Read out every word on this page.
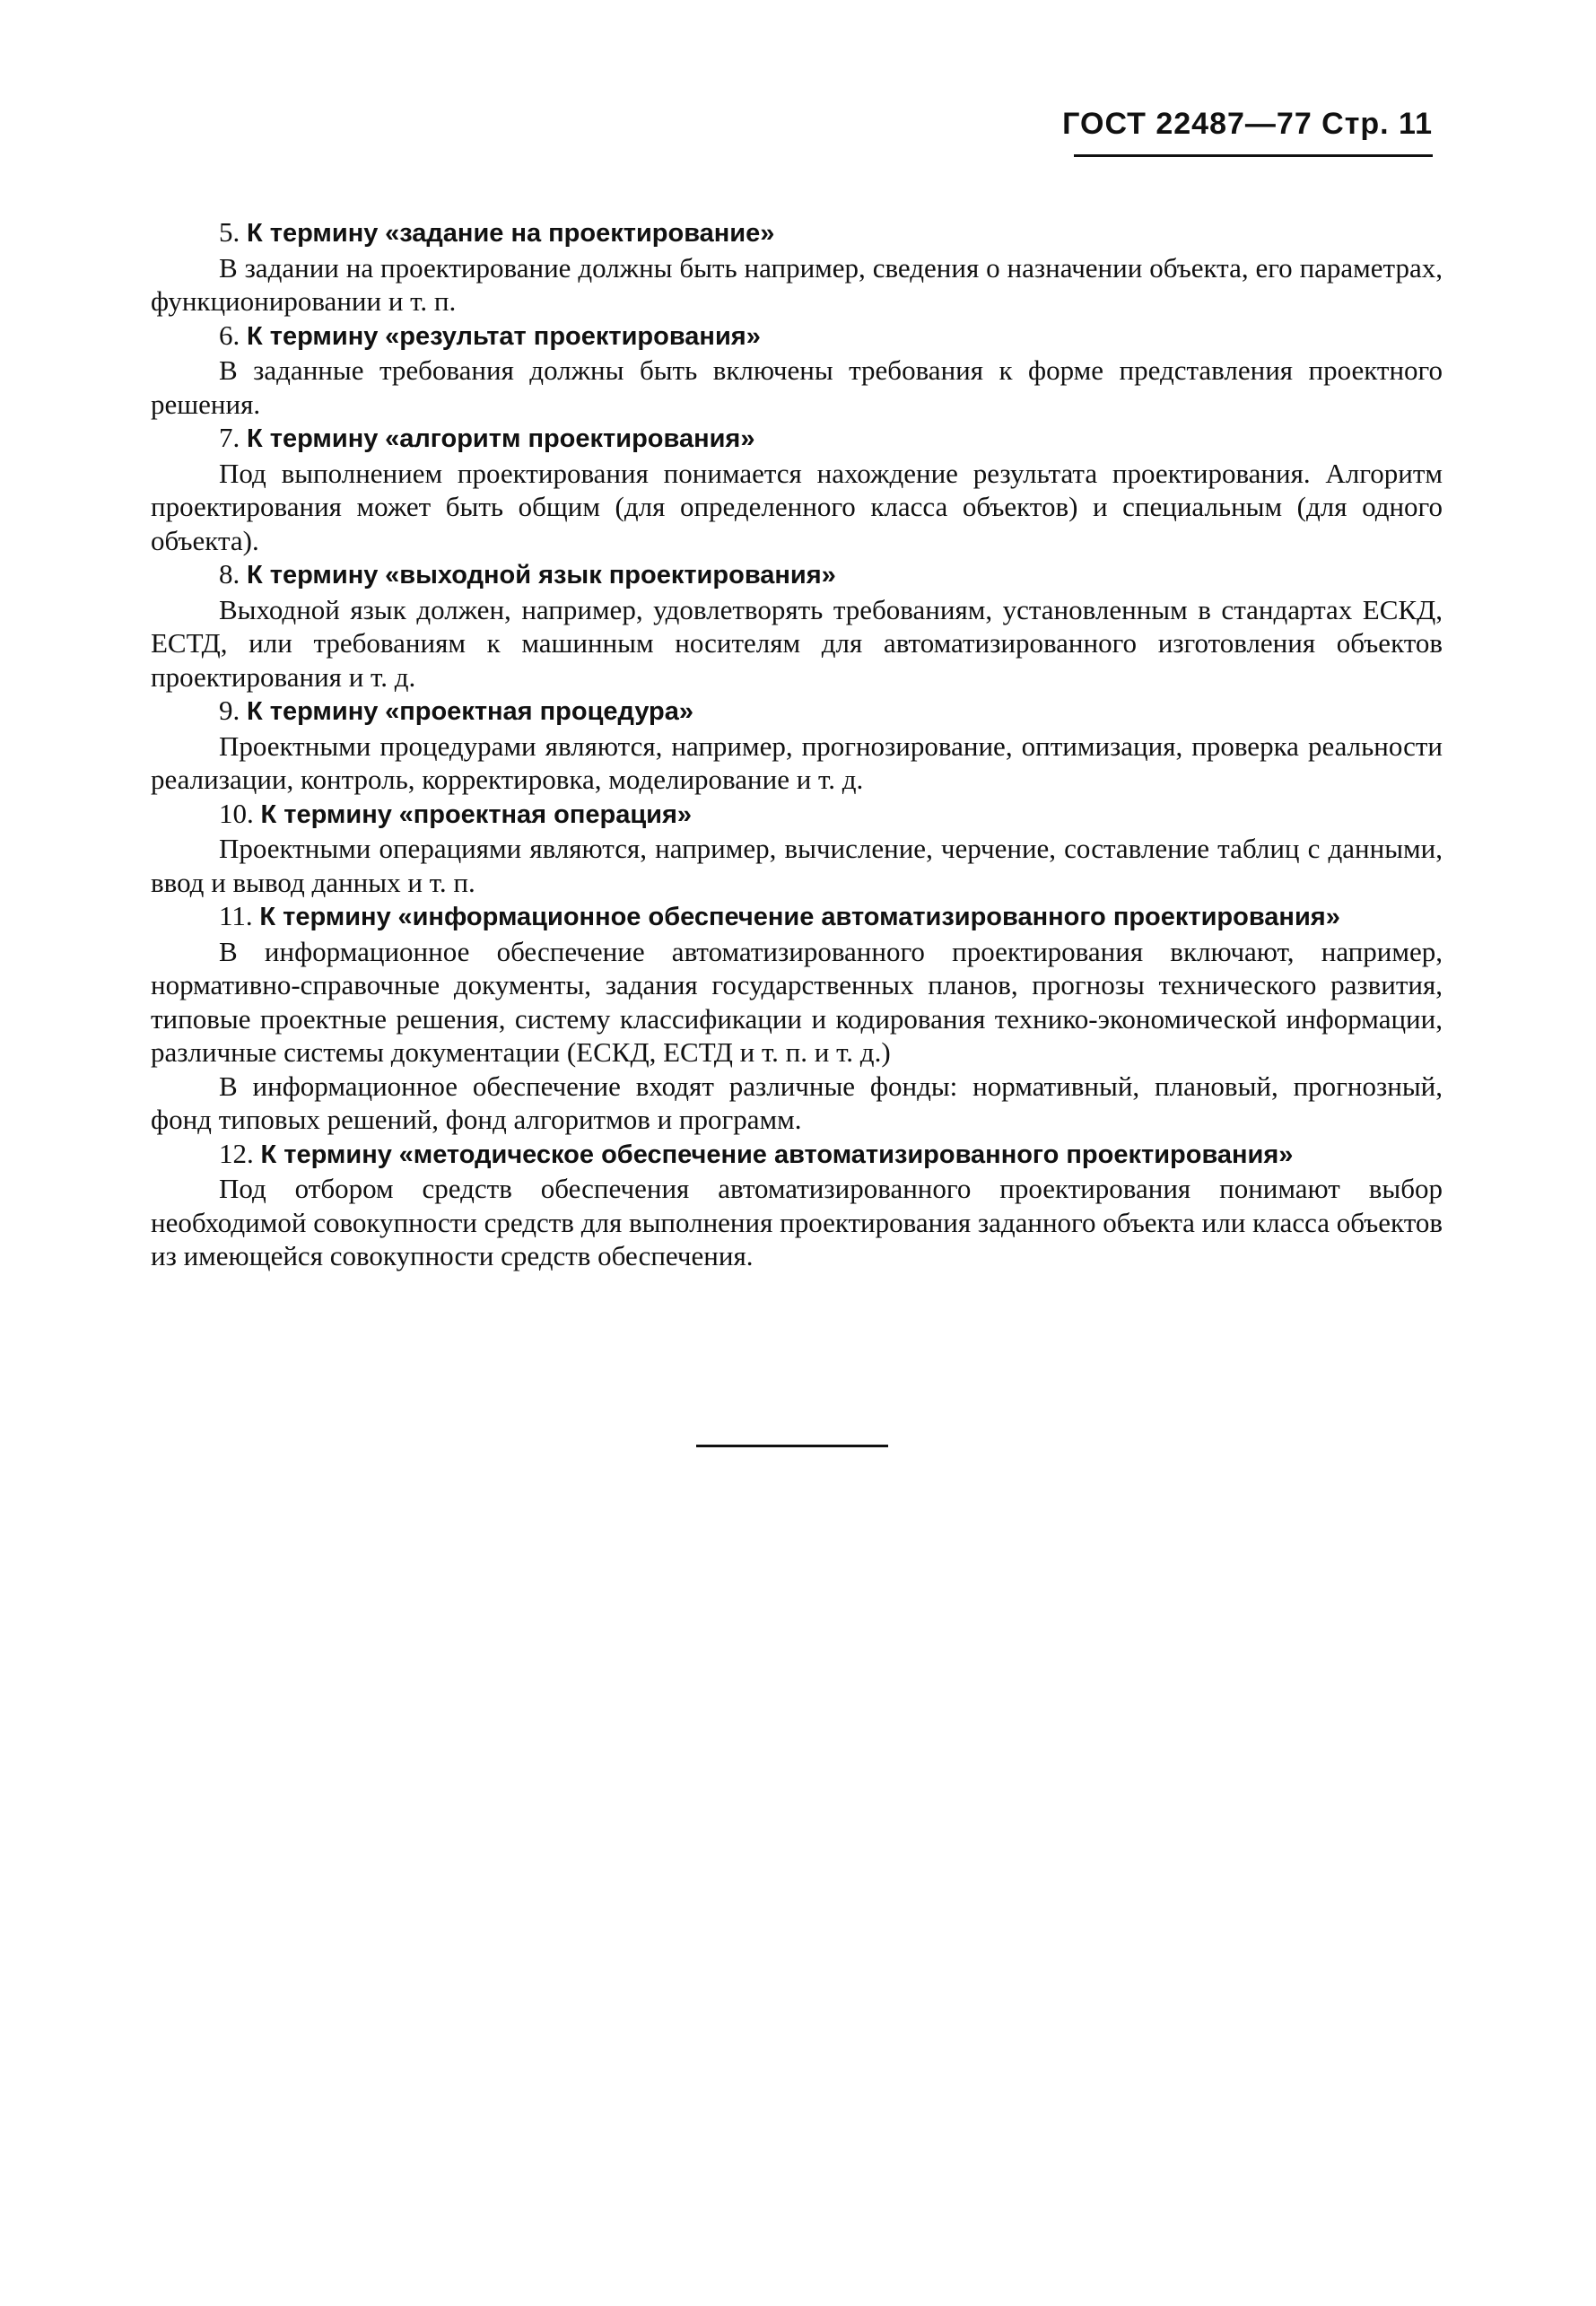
ГОСТ 22487—77 Стр. 11

5. К термину «задание на проектирование»

В задании на проектирование должны быть например, сведения о назначении объекта, его параметрах, функционировании и т. п.

6. К термину «результат проектирования»

В заданные требования должны быть включены требования к форме представления проектного решения.

7. К термину «алгоритм проектирования»

Под выполнением проектирования понимается нахождение результата проектирования. Алгоритм проектирования может быть общим (для определенного класса объектов) и специальным (для одного объекта).

8. К термину «выходной язык проектирования»

Выходной язык должен, например, удовлетворять требованиям, установленным в стандартах ЕСКД, ЕСТД, или требованиям к машинным носителям для автоматизированного изготовления объектов проектирования и т. д.

9. К термину «проектная процедура»

Проектными процедурами являются, например, прогнозирование, оптимизация, проверка реальности реализации, контроль, корректировка, моделирование и т. д.

10. К термину «проектная операция»

Проектными операциями являются, например, вычисление, черчение, составление таблиц с данными, ввод и вывод данных и т. п.

11. К термину «информационное обеспечение автоматизированного проектирования»

В информационное обеспечение автоматизированного проектирования включают, например, нормативно-справочные документы, задания государственных планов, прогнозы технического развития, типовые проектные решения, систему классификации и кодирования технико-экономической информации, различные системы документации (ЕСКД, ЕСТД и т. п. и т. д.)

В информационное обеспечение входят различные фонды: нормативный, плановый, прогнозный, фонд типовых решений, фонд алгоритмов и программ.

12. К термину «методическое обеспечение автоматизированного проектирования»

Под отбором средств обеспечения автоматизированного проектирования понимают выбор необходимой совокупности средств для выполнения проектирования заданного объекта или класса объектов из имеющейся совокупности средств обеспечения.
